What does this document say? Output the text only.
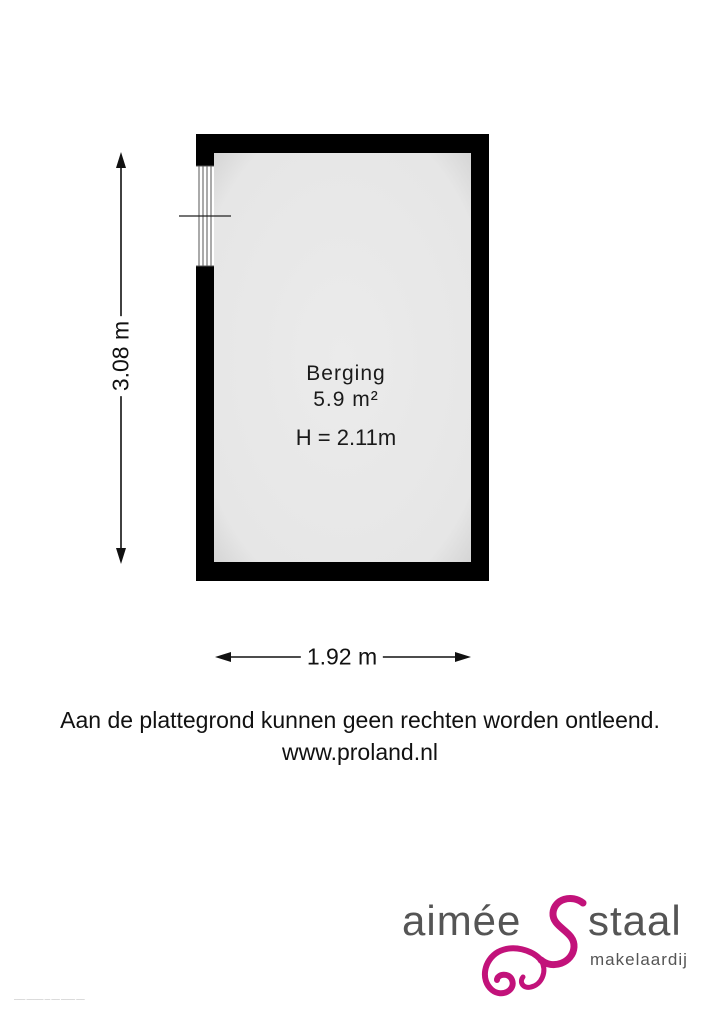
Berging
5.9 m²
H = 2.11m
3.08 m
1.92 m
Aan de plattegrond kunnen geen rechten worden ontleend.
www.proland.nl
aimée staal
makelaardij
──── ────── ── ─── ───── ───
